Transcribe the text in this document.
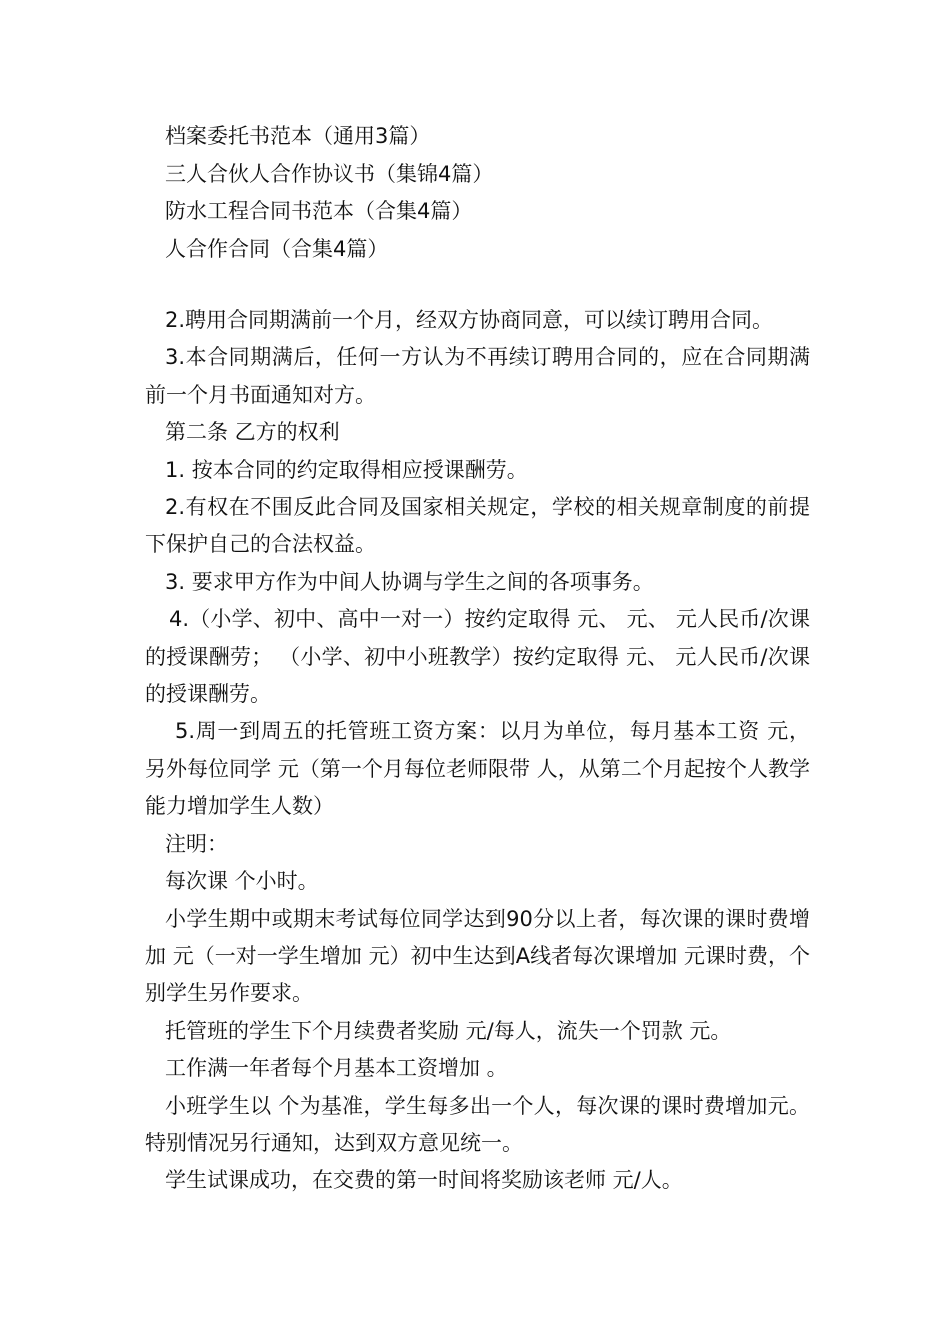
档案委托书范本（通用3篇）
三人合伙人合作协议书（集锦4篇）
防水工程合同书范本（合集4篇）
人合作合同（合集4篇）

2.聘用合同期满前一个月，经双方协商同意，可以续订聘用合同。

3.本合同期满后，任何一方认为不再续订聘用合同的，应在合同期满前一个月书面通知对方。

第二条 乙方的权利

1. 按本合同的约定取得相应授课酬劳。

2.有权在不围反此合同及国家相关规定，学校的相关规章制度的前提下保护自己的合法权益。

3. 要求甲方作为中间人协调与学生之间的各项事务。

4.（小学、初中、高中一对一）按约定取得 元、 元、 元人民币/次课的授课酬劳； （小学、初中小班教学）按约定取得 元、 元人民币/次课的授课酬劳。

5.周一到周五的托管班工资方案：以月为单位，每月基本工资 元，另外每位同学 元（第一个月每位老师限带 人，从第二个月起按个人教学能力增加学生人数）

注明：

每次课 个小时。

小学生期中或期末考试每位同学达到90分以上者，每次课的课时费增加 元（一对一学生增加 元）初中生达到A线者每次课增加 元课时费，个别学生另作要求。

托管班的学生下个月续费者奖励 元/每人，流失一个罚款 元。

工作满一年者每个月基本工资增加 。

小班学生以 个为基准，学生每多出一个人，每次课的课时费增加元。特别情况另行通知，达到双方意见统一。

学生试课成功，在交费的第一时间将奖励该老师 元/人。
